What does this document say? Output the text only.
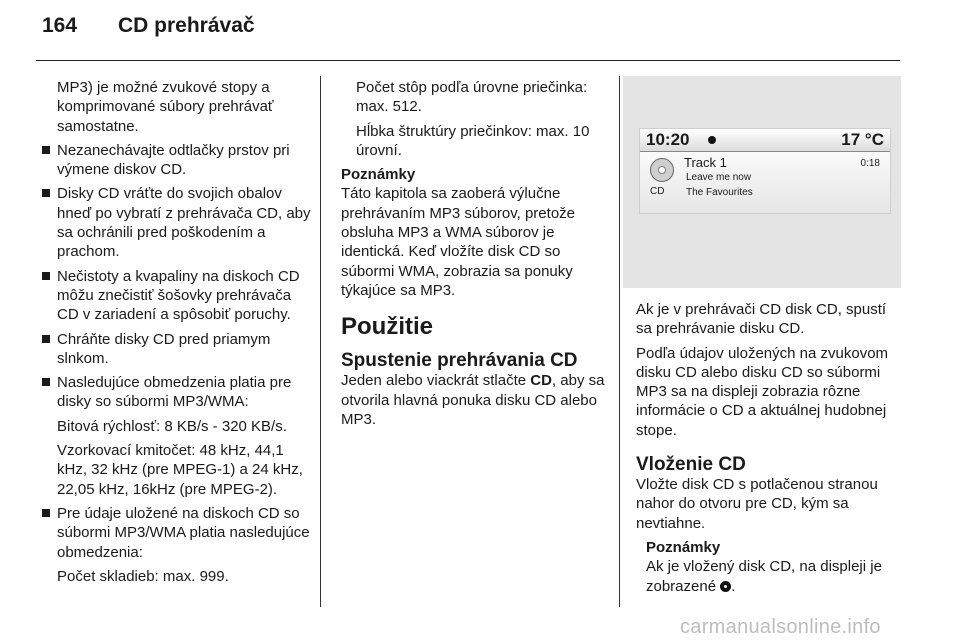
164 CD prehrávač

MP3) je možné zvukové stopy a komprimované súbory prehrávať samostatne.

Nezanechávajte odtlačky prstov pri výmene diskov CD.

Disky CD vráťte do svojich obalov hneď po vybratí z prehrávača CD, aby sa ochránili pred poškodením a prachom.

Nečistoty a kvapaliny na diskoch CD môžu znečistiť šošovky prehrávača CD v zariadení a spôsobiť poruchy.

Chráňte disky CD pred priamym slnkom.

Nasledujúce obmedzenia platia pre disky so súbormi MP3/WMA:

Bitová rýchlosť: 8 KB/s - 320 KB/s.

Vzorkovací kmitočet: 48 kHz, 44,1 kHz, 32 kHz (pre MPEG-1) a 24 kHz, 22,05 kHz, 16kHz (pre MPEG-2).

Pre údaje uložené na diskoch CD so súbormi MP3/WMA platia nasledujúce obmedzenia:

Počet skladieb: max. 999.

Počet stôp podľa úrovne priečinka: max. 512.

Hĺbka štruktúry priečinkov: max. 10 úrovní.

Poznámky

Táto kapitola sa zaoberá výlučne prehrávaním MP3 súborov, pretože obsluha MP3 a WMA súborov je identická. Keď vložíte disk CD so súbormi WMA, zobrazia sa ponuky týkajúce sa MP3.

Použitie
Spustenie prehrávania CD

Jeden alebo viackrát stlačte CD, aby sa otvorila hlavná ponuka disku CD alebo MP3.

10:20	17 °C
CD
Track 1
Leave me now
The Favourites
0:18

Ak je v prehrávači CD disk CD, spustí sa prehrávanie disku CD.

Podľa údajov uložených na zvukovom disku CD alebo disku CD so súbormi MP3 sa na displeji zobrazia rôzne informácie o CD a aktuálnej hudobnej stope.

Vloženie CD

Vložte disk CD s potlačenou stranou nahor do otvoru pre CD, kým sa nevtiahne.

Poznámky

Ak je vložený disk CD, na displeji je zobrazené .

carmanualsonline.info
